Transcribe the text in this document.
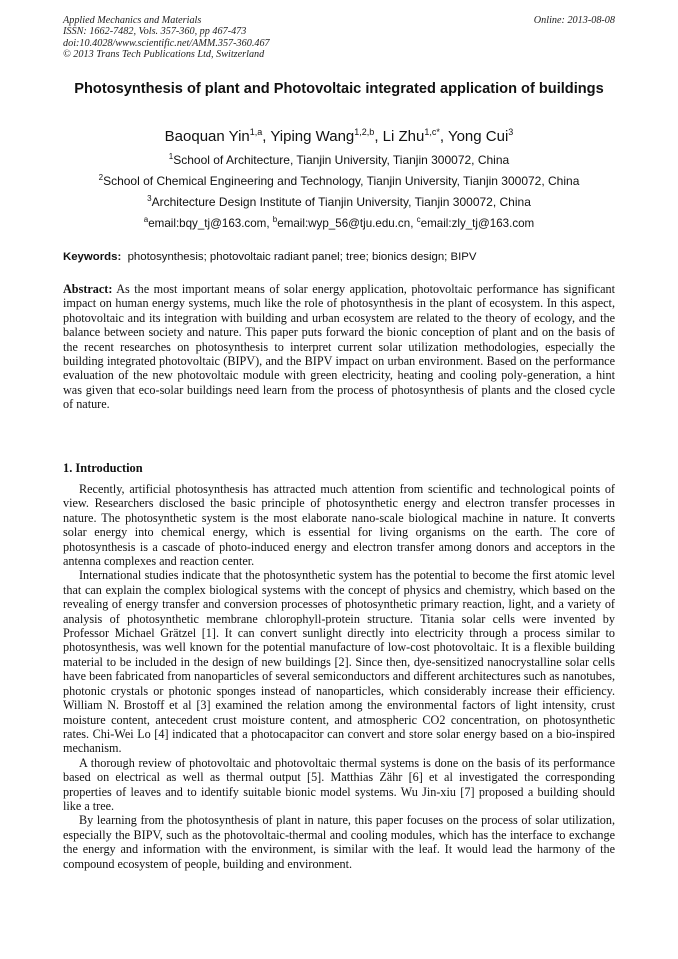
Applied Mechanics and Materials
ISSN: 1662-7482, Vols. 357-360, pp 467-473
doi:10.4028/www.scientific.net/AMM.357-360.467
© 2013 Trans Tech Publications Ltd, Switzerland
Online: 2013-08-08
Photosynthesis of plant and Photovoltaic integrated application of buildings
Baoquan Yin$^{1,a}$, Yiping Wang$^{1,2,b}$, Li Zhu$^{1,c*}$, Yong Cui$^3$
$^1$School of Architecture, Tianjin University, Tianjin 300072, China
$^2$School of Chemical Engineering and Technology, Tianjin University, Tianjin 300072, China
$^3$Architecture Design Institute of Tianjin University, Tianjin 300072, China
$^a$email:bqy_tj@163.com, $^b$email:wyp_56@tju.edu.cn, $^c$email:zly_tj@163.com
Keywords: photosynthesis; photovoltaic radiant panel; tree; bionics design; BIPV
Abstract: As the most important means of solar energy application, photovoltaic performance has significant impact on human energy systems, much like the role of photosynthesis in the plant of ecosystem. In this aspect, photovoltaic and its integration with building and urban ecosystem are related to the theory of ecology, and the balance between society and nature. This paper puts forward the bionic conception of plant and on the basis of the recent researches on photosynthesis to interpret current solar utilization methodologies, especially the building integrated photovoltaic (BIPV), and the BIPV impact on urban environment. Based on the performance evaluation of the new photovoltaic module with green electricity, heating and cooling poly-generation, a hint was given that eco-solar buildings need learn from the process of photosynthesis of plants and the closed cycle of nature.
1. Introduction

Recently, artificial photosynthesis has attracted much attention from scientific and technological points of view. Researchers disclosed the basic principle of photosynthetic energy and electron transfer processes in nature. The photosynthetic system is the most elaborate nano-scale biological machine in nature. It converts solar energy into chemical energy, which is essential for living organisms on the earth. The core of photosynthesis is a cascade of photo-induced energy and electron transfer among donors and acceptors in the antenna complexes and reaction center.

International studies indicate that the photosynthetic system has the potential to become the first atomic level that can explain the complex biological systems with the concept of physics and chemistry, which based on the revealing of energy transfer and conversion processes of photosynthetic primary reaction, light, and a variety of analysis of photosynthetic membrane chlorophyll-protein structure. Titania solar cells were invented by Professor Michael Grätzel [1]. It can convert sunlight directly into electricity through a process similar to photosynthesis, was well known for the potential manufacture of low-cost photovoltaic. It is a flexible building material to be included in the design of new buildings [2]. Since then, dye-sensitized nanocrystalline solar cells have been fabricated from nanoparticles of several semiconductors and different architectures such as nanotubes, photonic crystals or photonic sponges instead of nanoparticles, which considerably increase their efficiency. William N. Brostoff et al [3] examined the relation among the environmental factors of light intensity, crust moisture content, antecedent crust moisture content, and atmospheric CO2 concentration, on photosynthetic rates. Chi-Wei Lo [4] indicated that a photocapacitor can convert and store solar energy based on a bio-inspired mechanism.

A thorough review of photovoltaic and photovoltaic thermal systems is done on the basis of its performance based on electrical as well as thermal output [5]. Matthias Zähr [6] et al investigated the corresponding properties of leaves and to identify suitable bionic model systems. Wu Jin-xiu [7] proposed a building should like a tree.

By learning from the photosynthesis of plant in nature, this paper focuses on the process of solar utilization, especially the BIPV, such as the photovoltaic-thermal and cooling modules, which has the interface to exchange the energy and information with the environment, is similar with the leaf. It would lead the harmony of the compound ecosystem of people, building and environment.
